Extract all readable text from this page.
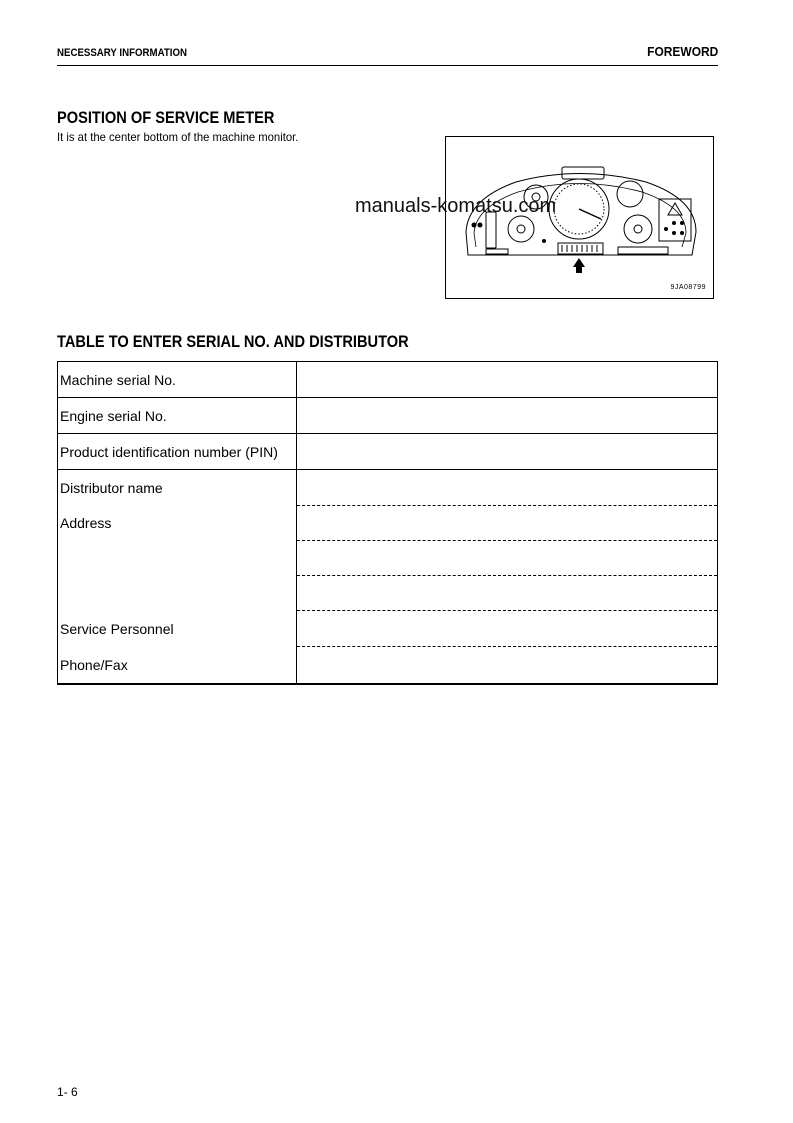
NECESSARY INFORMATION	FOREWORD
POSITION OF SERVICE METER
It is at the center bottom of the machine monitor.
9JA08799
manuals-komatsu.com
TABLE TO ENTER SERIAL NO. AND DISTRIBUTOR
Machine serial No.	
Engine serial No.	
Product identification number (PIN)	
Distributor name	
Address	

Service Personnel	
Phone/Fax	
1- 6
